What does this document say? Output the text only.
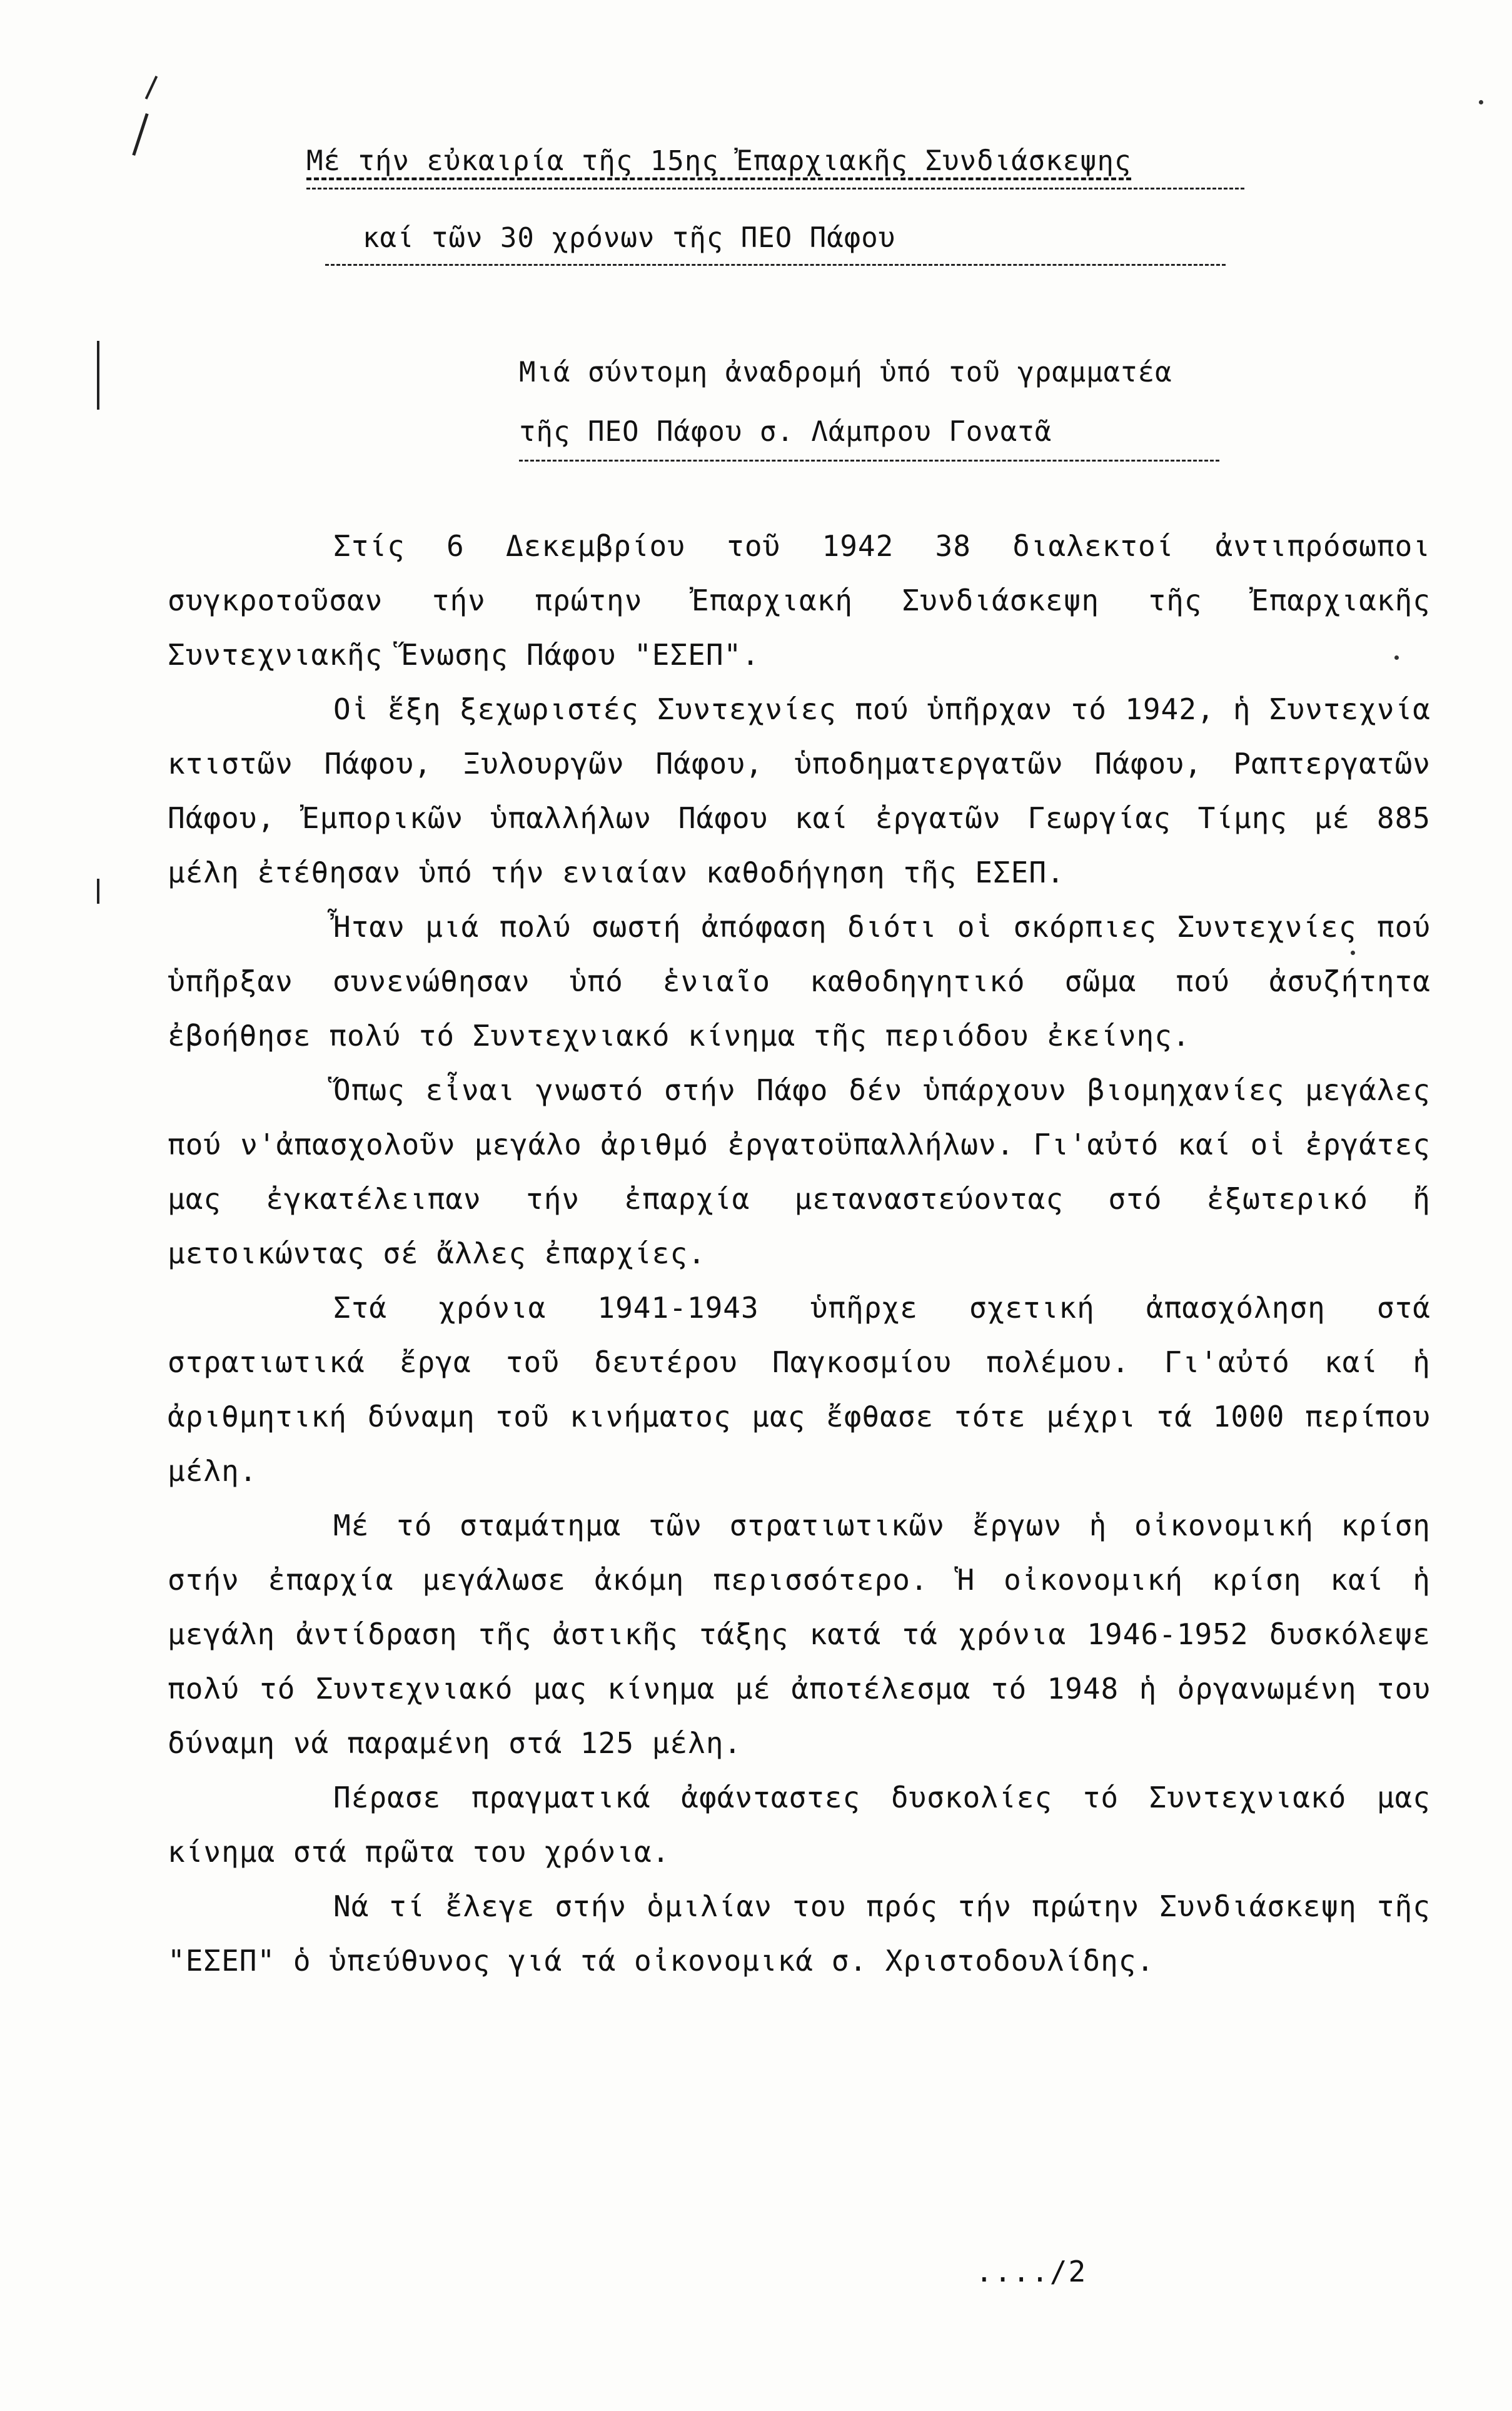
Μέ τήν εὐκαιρία τῆς 15ης Ἐπαρχιακῆς Συνδιάσκεψης
καί τῶν 30 χρόνων τῆς ΠΕΟ Πάφου
Μιά σύντομη ἀναδρομή ὑπό τοῦ γραμματέα
τῆς ΠΕΟ Πάφου σ. Λάμπρου Γονατᾶ

Στίς 6 Δεκεμβρίου τοῦ 1942 38 διαλεκτοί ἀντιπρόσωποι συγκροτοῦσαν τήν πρώτην Ἐπαρχιακή Συνδιάσκεψη τῆς Ἐπαρχιακῆς Συντεχνιακῆς Ἕνωσης Πάφου "ΕΣΕΠ".

Οἱ ἕξη ξεχωριστές Συντεχνίες πού ὑπῆρχαν τό 1942, ἡ Συντεχνία κτιστῶν Πάφου, Ξυλουργῶν Πάφου, ὑποδηματεργατῶν Πάφου, Ραπτεργατῶν Πάφου, Ἐμπορικῶν ὑπαλλήλων Πάφου καί ἐργατῶν Γεωργίας Τίμης μέ 885 μέλη ἐτέθησαν ὑπό τήν ενιαίαν καθοδήγηση τῆς ΕΣΕΠ.

Ἦταν μιά πολύ σωστή ἀπόφαση διότι οἱ σκόρπιες Συντεχνίες πού ὑπῆρξαν συνενώθησαν ὑπό ἑνιαῖο καθοδηγητικό σῶμα πού ἀσυζήτητα ἐβοήθησε πολύ τό Συντεχνιακό κίνημα τῆς περιόδου ἐκείνης.

Ὅπως εἶναι γνωστό στήν Πάφο δέν ὑπάρχουν βιομηχανίες μεγάλες πού ν'ἀπασχολοῦν μεγάλο ἀριθμό ἐργατοϋπαλλήλων. Γι'αὐτό καί οἱ ἐργάτες μας ἐγκατέλειπαν τήν ἐπαρχία μεταναστεύοντας στό ἐξωτερικό ἤ μετοικώντας σέ ἄλλες ἐπαρχίες.

Στά χρόνια 1941-1943 ὑπῆρχε σχετική ἀπασχόληση στά στρατιωτικά ἔργα τοῦ δευτέρου Παγκοσμίου πολέμου. Γι'αὐτό καί ἡ ἀριθμητική δύναμη τοῦ κινήματος μας ἔφθασε τότε μέχρι τά 1000 περίπου μέλη.

Μέ τό σταμάτημα τῶν στρατιωτικῶν ἔργων ἡ οἰκονομική κρίση στήν ἐπαρχία μεγάλωσε ἀκόμη περισσότερο. Ἡ οἰκονομική κρίση καί ἡ μεγάλη ἀντίδραση τῆς ἀστικῆς τάξης κατά τά χρόνια 1946-1952 δυσκόλεψε πολύ τό Συντεχνιακό μας κίνημα μέ ἀποτέλεσμα τό 1948 ἡ ὀργανωμένη του δύναμη νά παραμένη στά 125 μέλη.

Πέρασε πραγματικά ἀφάνταστες δυσκολίες τό Συντεχνιακό μας κίνημα στά πρῶτα του χρόνια.

Νά τί ἔλεγε στήν ὁμιλίαν του πρός τήν πρώτην Συνδιάσκεψη τῆς "ΕΣΕΠ" ὁ ὑπεύθυνος γιά τά οἰκονομικά σ. Χριστοδουλίδης.

..../2
